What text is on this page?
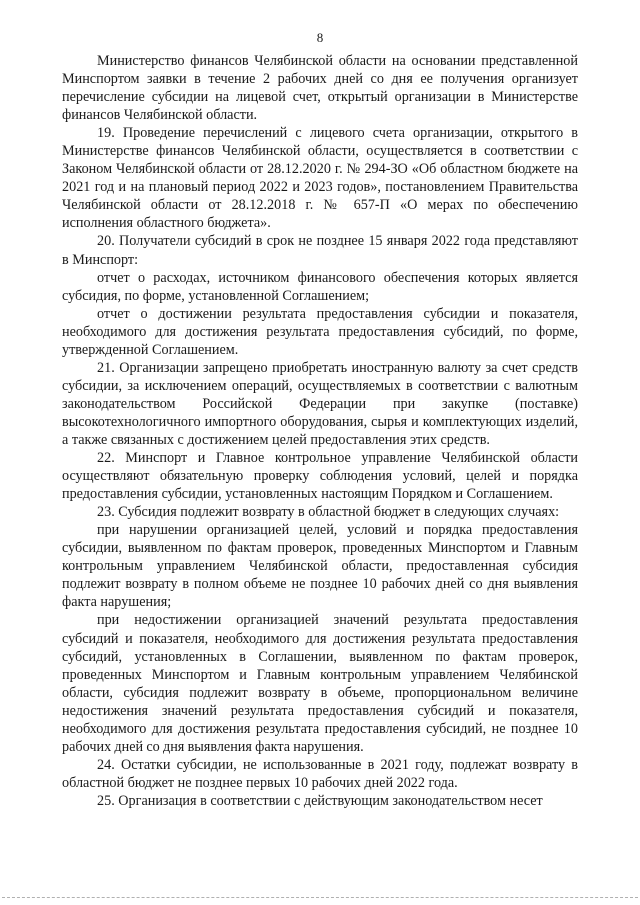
8

Министерство финансов Челябинской области на основании представленной Минспортом заявки в течение 2 рабочих дней со дня ее получения организует перечисление субсидии на лицевой счет, открытый организации в Министерстве финансов Челябинской области.

19. Проведение перечислений с лицевого счета организации, открытого в Министерстве финансов Челябинской области, осуществляется в соответствии с Законом Челябинской области от 28.12.2020 г. № 294-ЗО «Об областном бюджете на 2021 год и на плановый период 2022 и 2023 годов», постановлением Правительства Челябинской области от 28.12.2018 г. № 657-П «О мерах по обеспечению исполнения областного бюджета».

20. Получатели субсидий в срок не позднее 15 января 2022 года представляют в Минспорт:

отчет о расходах, источником финансового обеспечения которых является субсидия, по форме, установленной Соглашением;

отчет о достижении результата предоставления субсидии и показателя, необходимого для достижения результата предоставления субсидий, по форме, утвержденной Соглашением.

21. Организации запрещено приобретать иностранную валюту за счет средств субсидии, за исключением операций, осуществляемых в соответствии с валютным законодательством Российской Федерации при закупке (поставке) высокотехнологичного импортного оборудования, сырья и комплектующих изделий, а также связанных с достижением целей предоставления этих средств.

22. Минспорт и Главное контрольное управление Челябинской области осуществляют обязательную проверку соблюдения условий, целей и порядка предоставления субсидии, установленных настоящим Порядком и Соглашением.

23. Субсидия подлежит возврату в областной бюджет в следующих случаях:

при нарушении организацией целей, условий и порядка предоставления субсидии, выявленном по фактам проверок, проведенных Минспортом и Главным контрольным управлением Челябинской области, предоставленная субсидия подлежит возврату в полном объеме не позднее 10 рабочих дней со дня выявления факта нарушения;

при недостижении организацией значений результата предоставления субсидий и показателя, необходимого для достижения результата предоставления субсидий, установленных в Соглашении, выявленном по фактам проверок, проведенных Минспортом и Главным контрольным управлением Челябинской области, субсидия подлежит возврату в объеме, пропорциональном величине недостижения значений результата предоставления субсидий и показателя, необходимого для достижения результата предоставления субсидий, не позднее 10 рабочих дней со дня выявления факта нарушения.

24. Остатки субсидии, не использованные в 2021 году, подлежат возврату в областной бюджет не позднее первых 10 рабочих дней 2022 года.

25. Организация в соответствии с действующим законодательством несет
